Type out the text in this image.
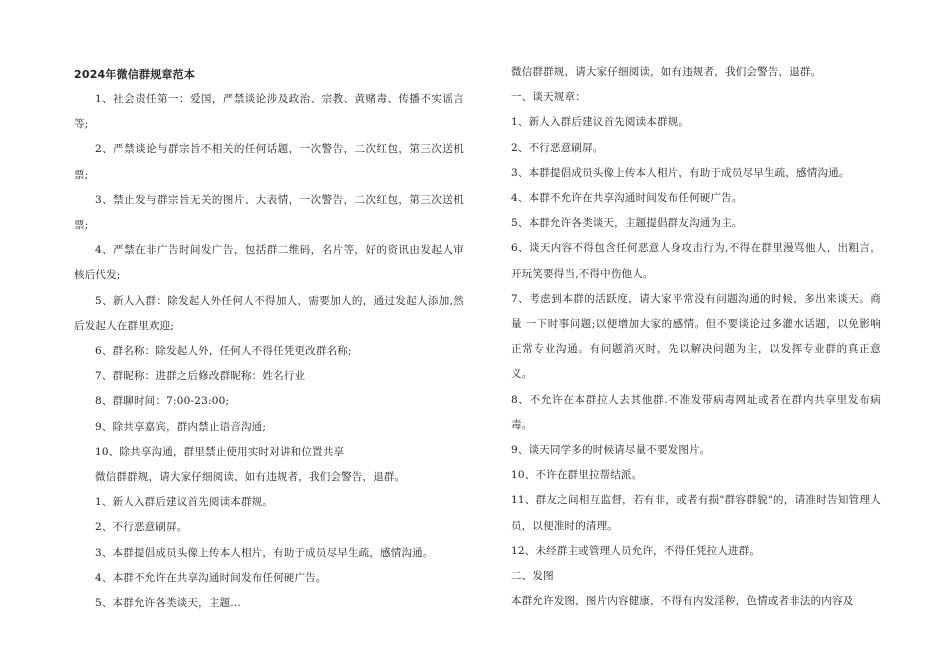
2024年微信群规章范本

1、社会责任第一：爱国，严禁谈论涉及政治、宗教、黄赌毒、传播不实谣言等;

2、严禁谈论与群宗旨不相关的任何话题，一次警告，二次红包，第三次送机票;

3、禁止发与群宗旨无关的图片、大表情，一次警告，二次红包，第三次送机票;

4、严禁在非广告时间发广告，包括群二维码，名片等，好的资讯由发起人审核后代发;

5、新人入群：除发起人外任何人不得加人，需要加人的，通过发起人添加,然后发起人在群里欢迎;

6、群名称：除发起人外，任何人不得任凭更改群名称;

7、群昵称：进群之后修改群昵称：姓名行业

8、群聊时间：7:00-23:00;

9、除共享嘉宾，群内禁止语音沟通;

10、除共享沟通，群里禁止使用实时对讲和位置共享

微信群群规，请大家仔细阅读，如有违规者，我们会警告，退群。

1、新人入群后建议首先阅读本群规。

2、不行恶意刷屏。

3、本群提倡成员头像上传本人相片，有助于成员尽早生疏，感情沟通。

4、本群不允许在共享沟通时间发布任何硬广告。

5、本群允许各类谈天，主题...

微信群群规，请大家仔细阅读，如有违规者，我们会警告，退群。

一、谈天规章：

1、新人入群后建议首先阅读本群规。

2、不行恶意刷屏。

3、本群提倡成员头像上传本人相片，有助于成员尽早生疏，感情沟通。

4、本群不允许在共享沟通时间发布任何硬广告。

5、本群允许各类谈天，主题提倡群友沟通为主。

6、谈天内容不得包含任何恶意人身攻击行为,不得在群里漫骂他人，出粗言，开玩笑要得当,不得中伤他人。

7、考虑到本群的活跃度，请大家平常没有问题沟通的时候，多出来谈天。商量 一下时事问题;以便增加大家的感情。但不要谈论过多灌水话题，以免影响正常专业沟通。有问题消灭时，先以解决问题为主，以发挥专业群的真正意义。

8、不允许在本群拉人去其他群.不准发带病毒网址或者在群内共享里发布病毒。

9、谈天同学多的时候请尽量不要发图片。

10、不许在群里拉帮结派。

11、群友之间相互监督，若有非，或者有损"群容群貌"的，请准时告知管理人员，以便准时的清理。

12、未经群主或管理人员允许，不得任凭拉人进群。

二、发图

本群允许发图，图片内容健康，不得有内发淫秽，色情或者非法的内容及
